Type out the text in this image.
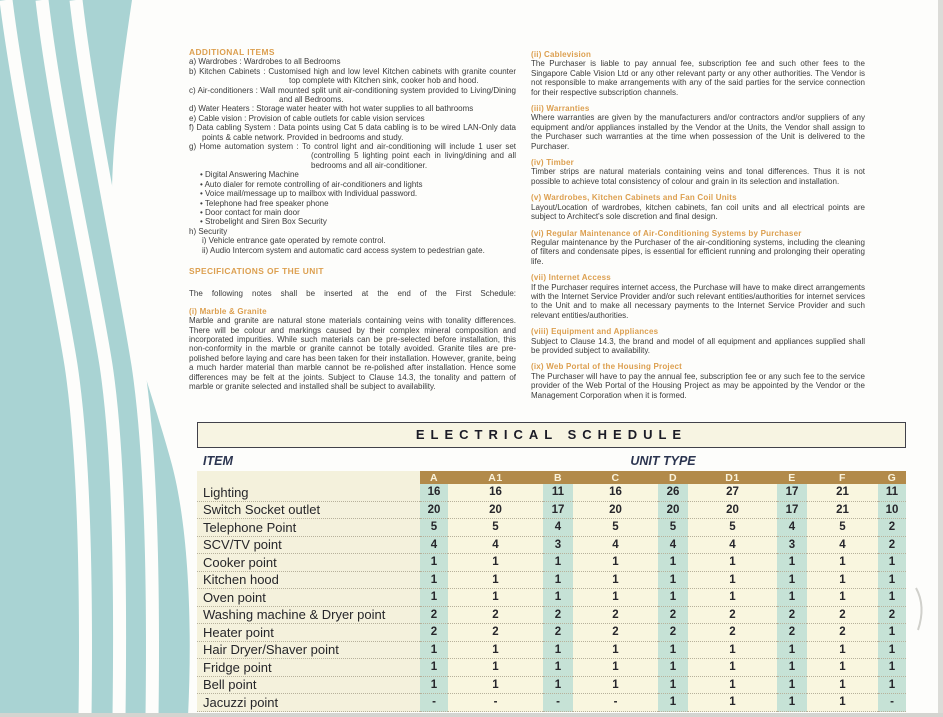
ADDITIONAL ITEMS

a) Wardrobes : Wardrobes to all Bedrooms

b) Kitchen Cabinets : Customised high and low level Kitchen cabinets with granite counter top complete with Kitchen sink, cooker hob and hood.

c) Air-conditioners : Wall mounted split unit air-conditioning system provided to Living/Dining and all Bedrooms.

d) Water Heaters : Storage water heater with hot water supplies to all bathrooms

e) Cable vision : Provision of cable outlets for cable vision services

f) Data cabling System : Data points using Cat 5 data cabling is to be wired LAN-Only data points & cable network. Provided in bedrooms and study.

g) Home automation system : To control light and air-conditioning will include 1 user set (controlling 5 lighting point each in living/dining and all bedrooms and all air-conditioner.

• Digital Answering Machine

• Auto dialer for remote controlling of air-conditioners and lights

• Voice mail/message up to mailbox with Individual password.

• Telephone had free speaker phone

• Door contact for main door

• Strobelight and Siren Box Security

h) Security

i) Vehicle entrance gate operated by remote control.

ii) Audio Intercom system and automatic card access system to pedestrian gate.

SPECIFICATIONS OF THE UNIT

The following notes shall be inserted at the end of the First Schedule:

(i) Marble & Granite

Marble and granite are natural stone materials containing veins with tonality differences. There will be colour and markings caused by their complex mineral composition and incorporated impurities. While such materials can be pre-selected before installation, this non-conformity in the marble or granite cannot be totally avoided. Granite tiles are pre-polished before laying and care has been taken for their installation. However, granite, being a much harder material than marble cannot be re-polished after installation. Hence some differences may be felt at the joints. Subject to Clause 14.3, the tonality and pattern of marble or granite selected and installed shall be subject to availability.

(ii) Cablevision

The Purchaser is liable to pay annual fee, subscription fee and such other fees to the Singapore Cable Vision Ltd or any other relevant party or any other authorities. The Vendor is not responsible to make arrangements with any of the said parties for the service connection for their respective subscription channels.

(iii) Warranties

Where warranties are given by the manufacturers and/or contractors and/or suppliers of any equipment and/or appliances installed by the Vendor at the Units, the Vendor shall assign to the Purchaser such warranties at the time when possession of the Unit is delivered to the Purchaser.

(iv) Timber

Timber strips are natural materials containing veins and tonal differences. Thus it is not possible to achieve total consistency of colour and grain in its selection and installation.

(v) Wardrobes, Kitchen Cabinets and Fan Coil Units

Layout/Location of wardrobes, kitchen cabinets, fan coil units and all electrical points are subject to Architect's sole discretion and final design.

(vi) Regular Maintenance of Air-Conditioning Systems by Purchaser

Regular maintenance by the Purchaser of the air-conditioning systems, including the cleaning of filters and condensate pipes, is essential for efficient running and prolonging their operating life.

(vii) Internet Access

If the Purchaser requires internet access, the Purchase will have to make direct arrangements with the Internet Service Provider and/or such relevant entities/authorities for internet services to the Unit and to make all necessary payments to the Internet Service Provider and such relevant entities/authorities.

(viii) Equipment and Appliances

Subject to Clause 14.3, the brand and model of all equipment and appliances supplied shall be provided subject to availability.

(ix) Web Portal of the Housing Project

The Purchaser will have to pay the annual fee, subscription fee or any such fee to the service provider of the Web Portal of the Housing Project as may be appointed by the Vendor or the Management Corporation when it is formed.

ELECTRICAL SCHEDULE
ITEM	UNIT TYPE
A	A1	B	C	D	D1	E	F	G
Lighting	16	16	11	16	26	27	17	21	11
Switch Socket outlet	20	20	17	20	20	20	17	21	10
Telephone Point	5	5	4	5	5	5	4	5	2
SCV/TV point	4	4	3	4	4	4	3	4	2
Cooker point	1	1	1	1	1	1	1	1	1
Kitchen hood	1	1	1	1	1	1	1	1	1
Oven point	1	1	1	1	1	1	1	1	1
Washing machine & Dryer point	2	2	2	2	2	2	2	2	2
Heater point	2	2	2	2	2	2	2	2	1
Hair Dryer/Shaver point	1	1	1	1	1	1	1	1	1
Fridge point	1	1	1	1	1	1	1	1	1
Bell point	1	1	1	1	1	1	1	1	1
Jacuzzi point	-	-	-	-	1	1	1	1	-
